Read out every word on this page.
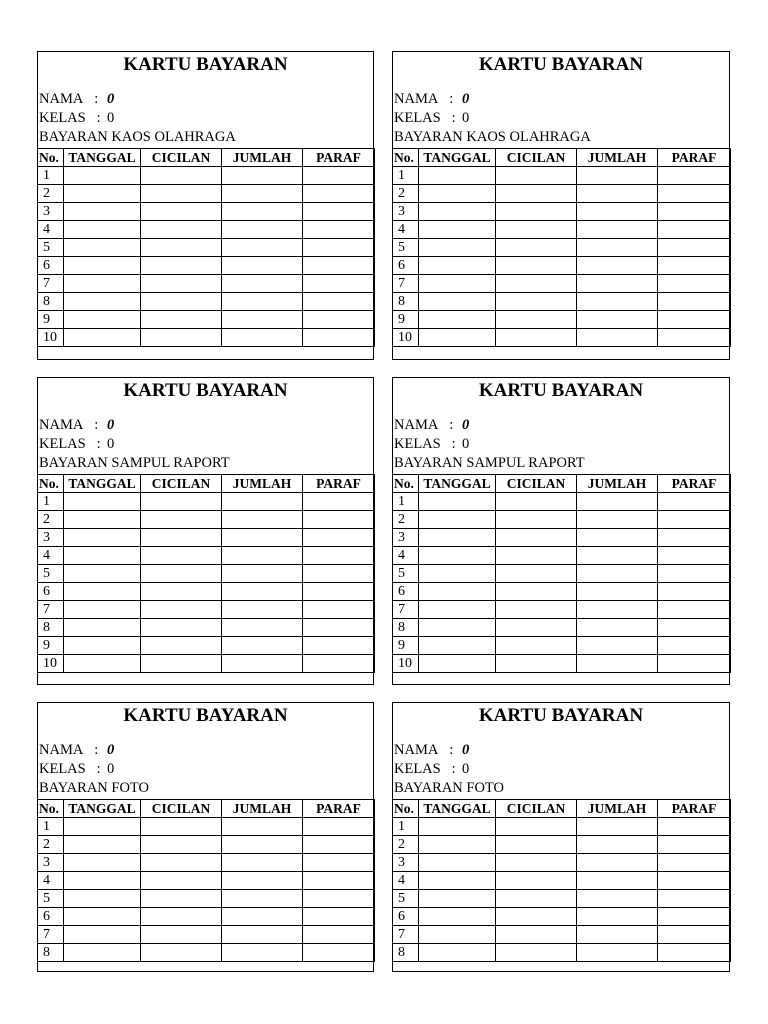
KARTU BAYARAN
NAMA : 0
KELAS : 0
BAYARAN KAOS OLAHRAGA
No.	TANGGAL	CICILAN	JUMLAH	PARAF
1				
2				
3				
4				
5				
6				
7				
8				
9				
10				
KARTU BAYARAN
NAMA : 0
KELAS : 0
BAYARAN KAOS OLAHRAGA
No.	TANGGAL	CICILAN	JUMLAH	PARAF
1				
2				
3				
4				
5				
6				
7				
8				
9				
10				
KARTU BAYARAN
NAMA : 0
KELAS : 0
BAYARAN SAMPUL RAPORT
No.	TANGGAL	CICILAN	JUMLAH	PARAF
1				
2				
3				
4				
5				
6				
7				
8				
9				
10				
KARTU BAYARAN
NAMA : 0
KELAS : 0
BAYARAN SAMPUL RAPORT
No.	TANGGAL	CICILAN	JUMLAH	PARAF
1				
2				
3				
4				
5				
6				
7				
8				
9				
10				
KARTU BAYARAN
NAMA : 0
KELAS : 0
BAYARAN FOTO
No.	TANGGAL	CICILAN	JUMLAH	PARAF
1				
2				
3				
4				
5				
6				
7				
8				
KARTU BAYARAN
NAMA : 0
KELAS : 0
BAYARAN FOTO
No.	TANGGAL	CICILAN	JUMLAH	PARAF
1				
2				
3				
4				
5				
6				
7				
8				
